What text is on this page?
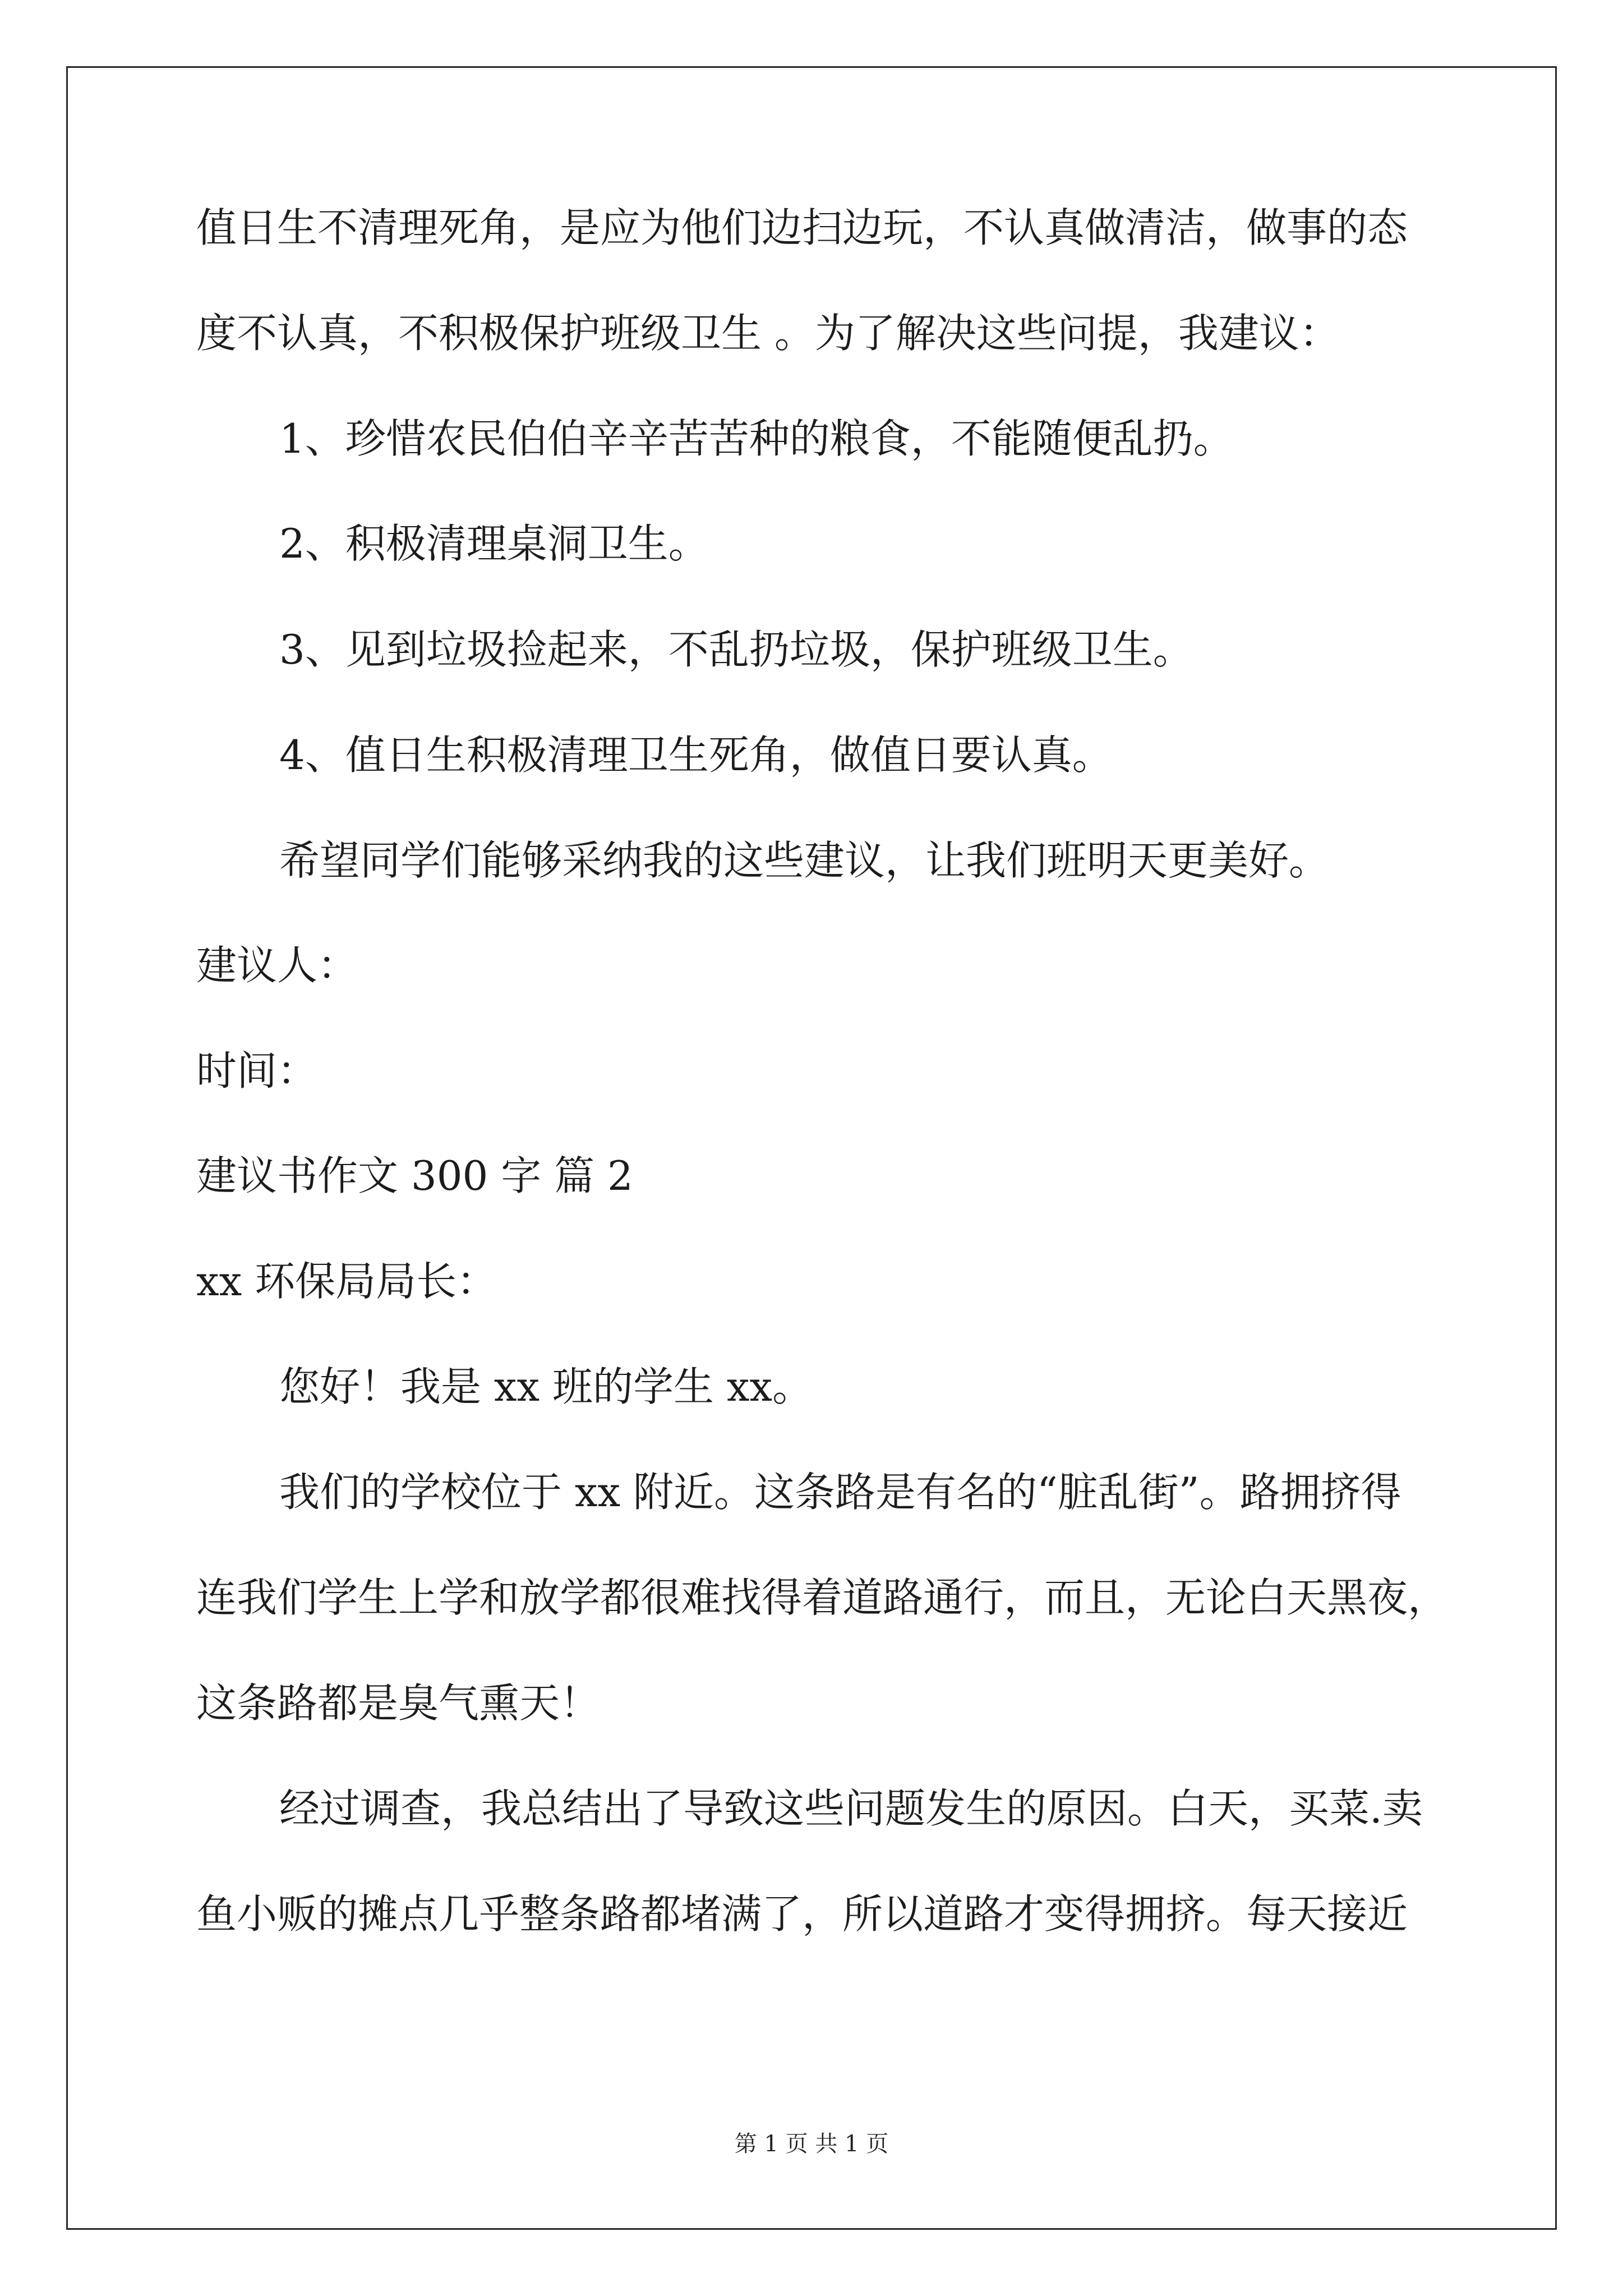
值日生不清理死角，是应为他们边扫边玩，不认真做清洁，做事的态
度不认真，不积极保护班级卫生 。为了解决这些问提，我建议：
1、珍惜农民伯伯辛辛苦苦种的粮食，不能随便乱扔。
2、积极清理桌洞卫生。
3、见到垃圾捡起来，不乱扔垃圾，保护班级卫生。
4、值日生积极清理卫生死角，做值日要认真。
希望同学们能够采纳我的这些建议，让我们班明天更美好。
建议人：
时间：
建议书作文 300 字 篇 2
xx 环保局局长：
您好！我是 xx 班的学生 xx。
我们的学校位于 xx 附近。这条路是有名的“脏乱街”。路拥挤得
连我们学生上学和放学都很难找得着道路通行，而且，无论白天黑夜，
这条路都是臭气熏天！
经过调查，我总结出了导致这些问题发生的原因。白天，买菜.卖
鱼小贩的摊点几乎整条路都堵满了，所以道路才变得拥挤。每天接近
第 1 页 共 1 页
